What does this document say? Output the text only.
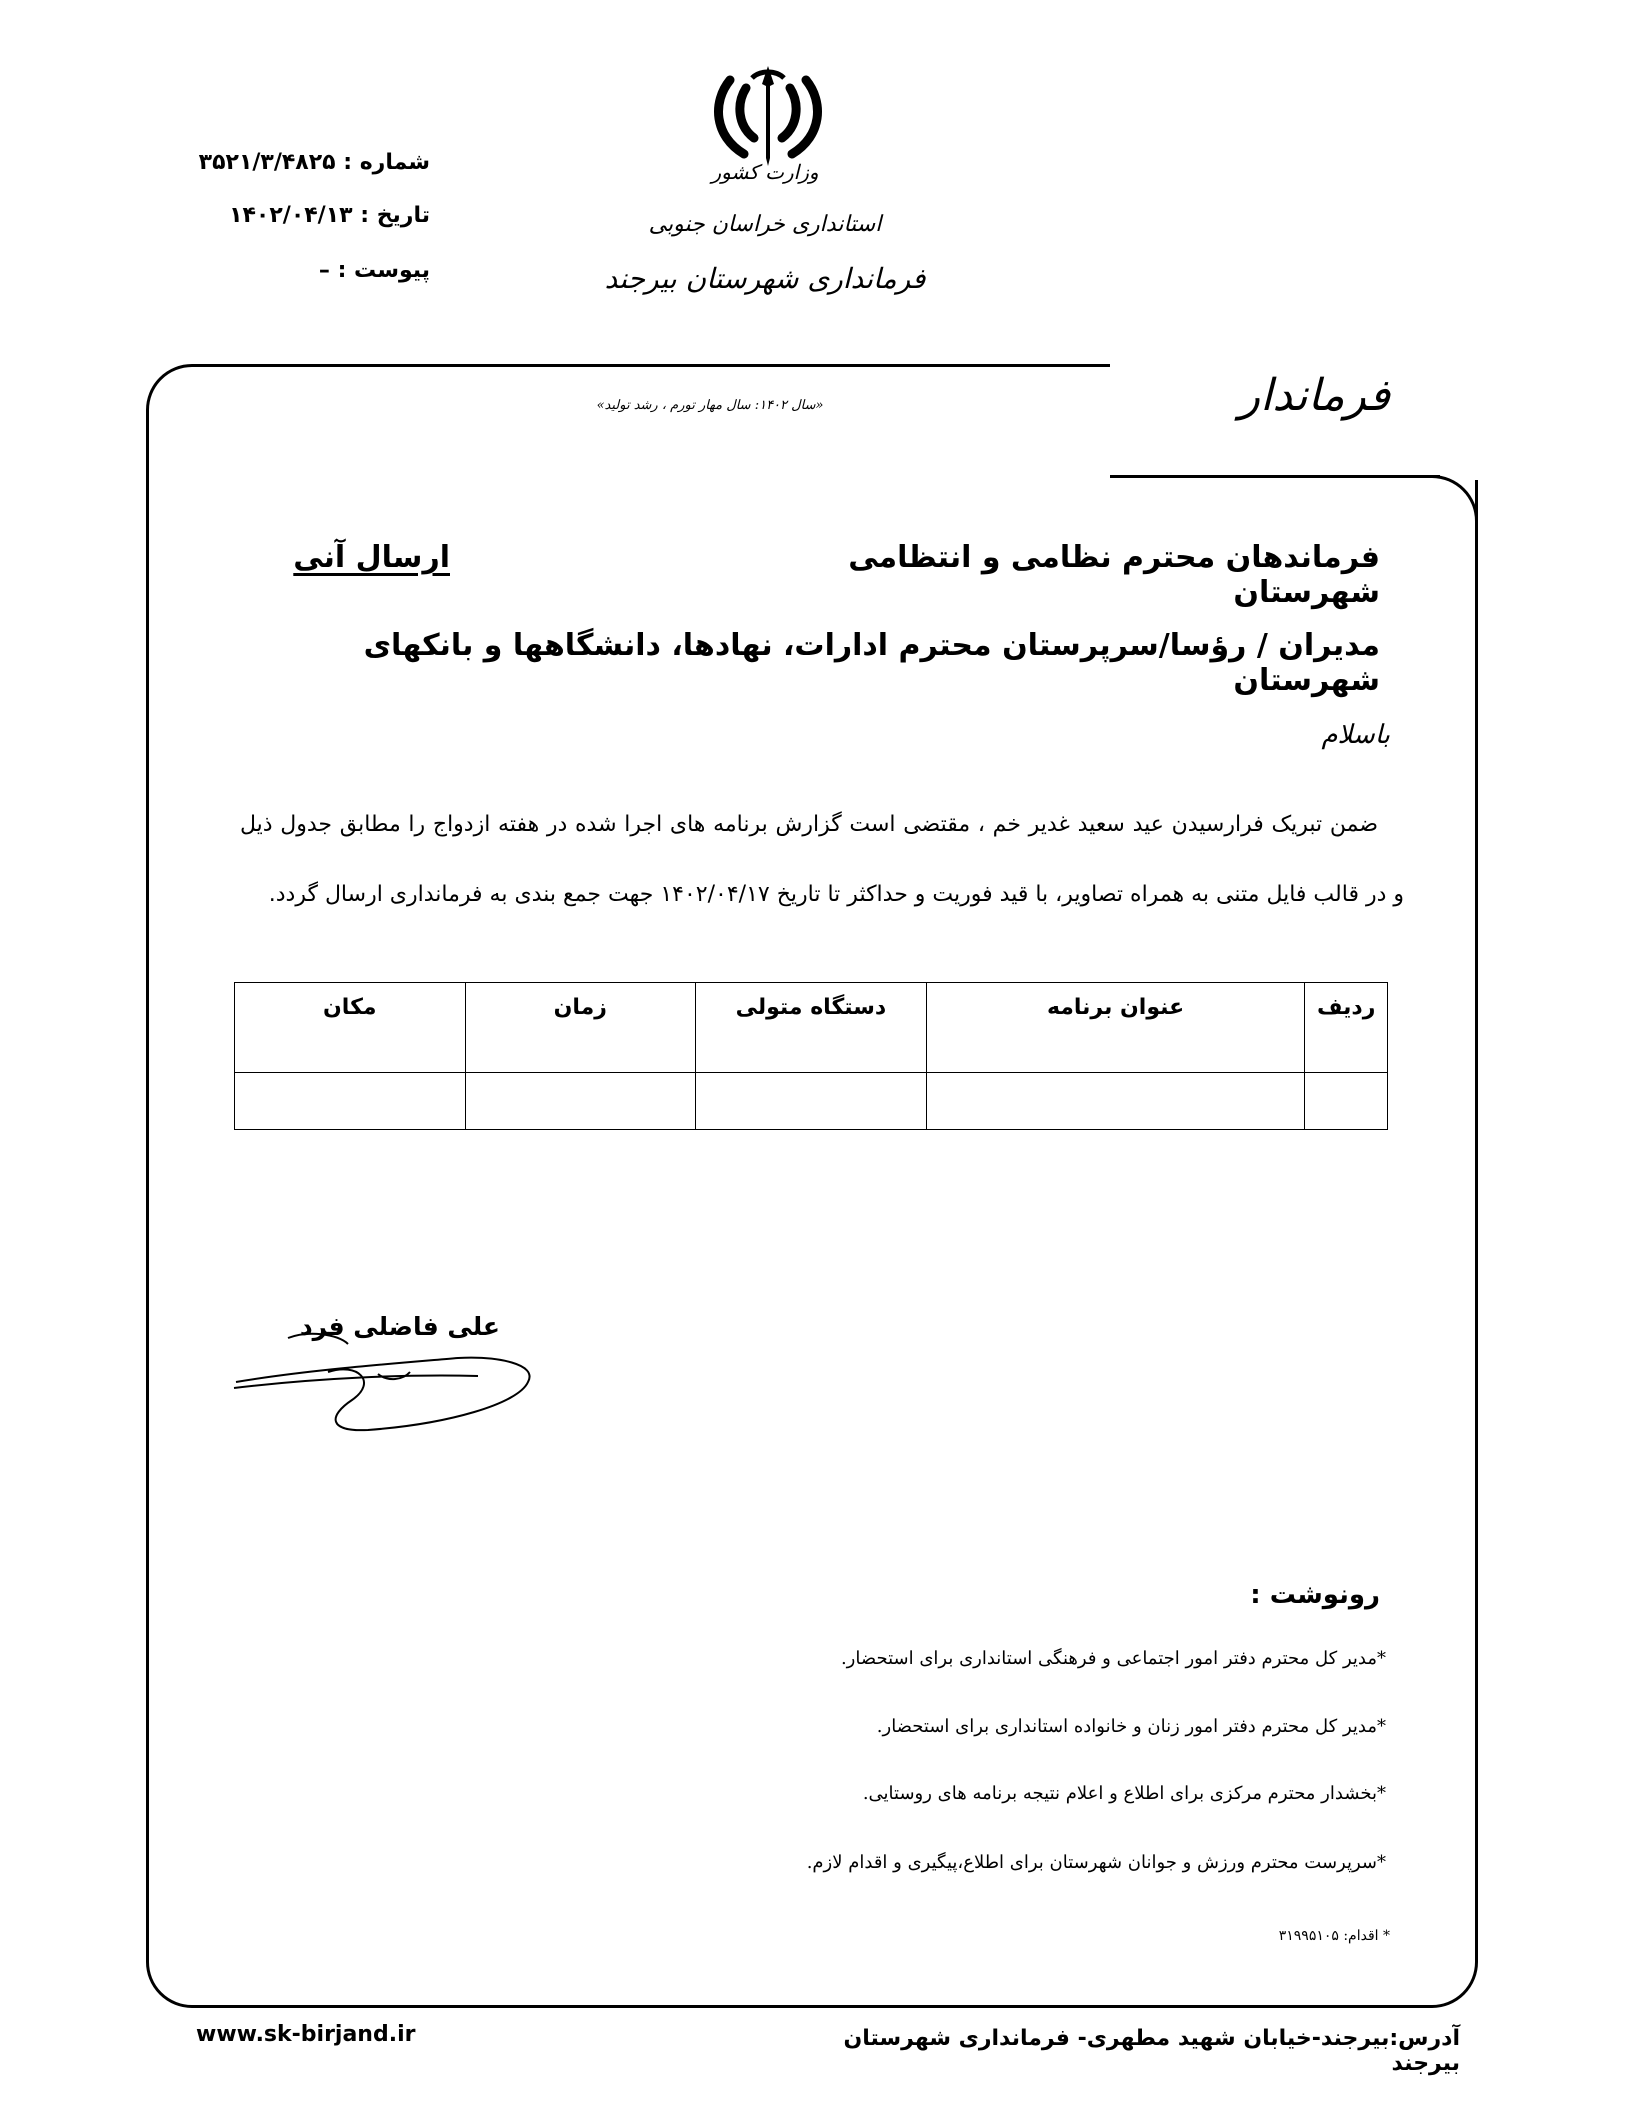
وزارت کشور
استانداری خراسان جنوبی
فرمانداری شهرستان بیرجند
شماره : ۳۵۲۱/۳/۴۸۲۵
تاریخ : ۱۴۰۲/۰۴/۱۳
پیوست : –
فرماندار
«سال ۱۴۰۲: سال مهار تورم ، رشد تولید»
فرماندهان محترم نظامی و انتظامی شهرستان
ارسال آنی
مدیران / رؤسا/سرپرستان محترم ادارات، نهادها، دانشگاهها و بانکهای شهرستان
باسلام

ضمن تبریک فرارسیدن عید سعید غدیر خم ، مقتضی است گزارش برنامه های اجرا شده در هفته ازدواج را مطابق جدول ذیل و در قالب فایل متنی به همراه تصاویر، با قید فوریت و حداکثر تا تاریخ ۱۴۰۲/۰۴/۱۷ جهت جمع بندی به فرمانداری ارسال گردد.

ردیف	عنوان برنامه	دستگاه متولی	زمان	مکان

علی فاضلی فرد
رونوشت :
*مدیر کل محترم دفتر امور اجتماعی و فرهنگی استانداری برای استحضار.
*مدیر کل محترم دفتر امور زنان و خانواده استانداری برای استحضار.
*بخشدار محترم مرکزی برای اطلاع و اعلام نتیجه برنامه های روستایی.
*سرپرست محترم ورزش و جوانان شهرستان برای اطلاع،پیگیری و اقدام لازم.
* اقدام: ۳۱۹۹۵۱۰۵
www.sk-birjand.ir	آدرس:بیرجند-خیابان شهید مطهری- فرمانداری شهرستان بیرجند
